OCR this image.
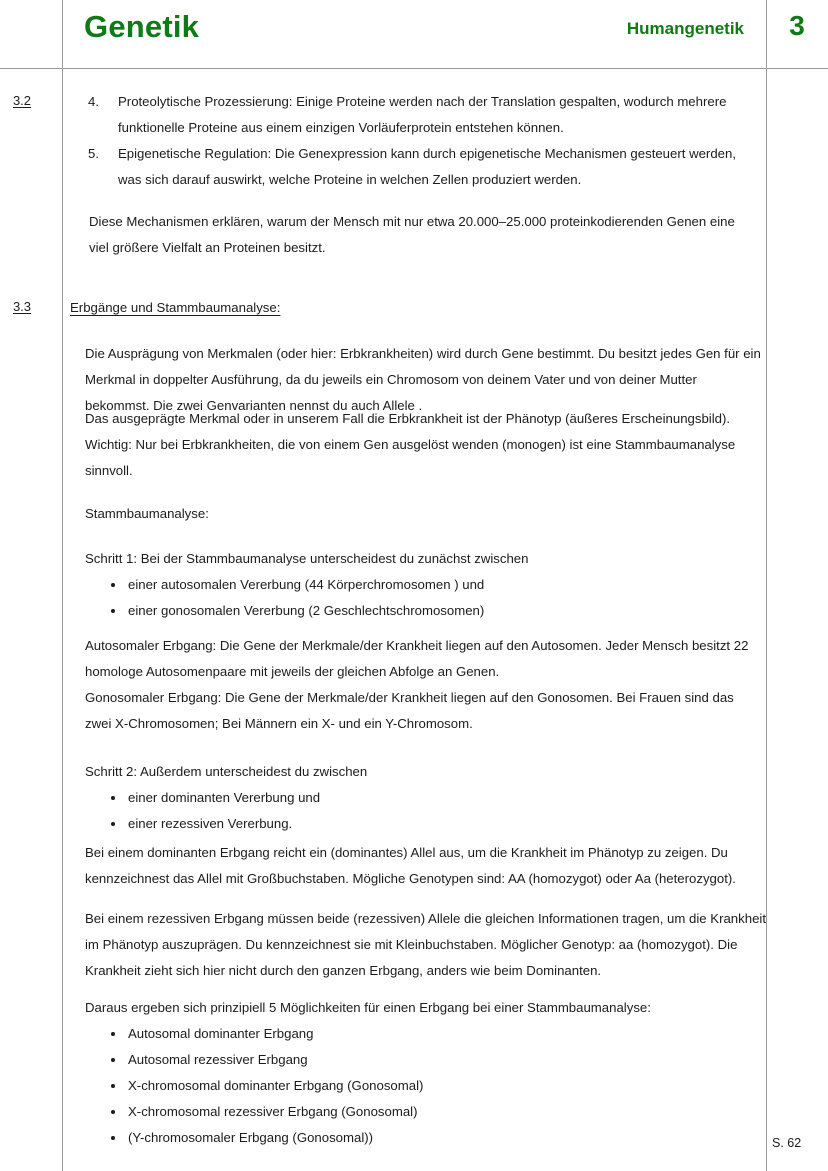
Genetik	Humangenetik	3
3.2	4.	Proteolytische Prozessierung: Einige Proteine werden nach der Translation gespalten, wodurch mehrere funktionelle Proteine aus einem einzigen Vorläuferprotein entstehen können.
5.	Epigenetische Regulation: Die Genexpression kann durch epigenetische Mechanismen gesteuert werden, was sich darauf auswirkt, welche Proteine in welchen Zellen produziert werden.

Diese Mechanismen erklären, warum der Mensch mit nur etwa 20.000–25.000 proteinkodierenden Genen eine viel größere Vielfalt an Proteinen besitzt.

3.3	Erbgänge und Stammbaumanalyse:

Die Ausprägung von Merkmalen (oder hier: Erbkrankheiten) wird durch Gene bestimmt. Du besitzt jedes Gen für ein Merkmal in doppelter Ausführung, da du jeweils ein Chromosom von deinem Vater und von deiner Mutter bekommst. Die zwei Genvarianten nennst du auch Allele .

Das ausgeprägte Merkmal oder in unserem Fall die Erbkrankheit ist der Phänotyp (äußeres Erscheinungsbild). Wichtig: Nur bei Erbkrankheiten, die von einem Gen ausgelöst wenden (monogen) ist eine Stammbaumanalyse sinnvoll.

Stammbaumanalyse:

Schritt 1: Bei der Stammbaumanalyse unterscheidest du zunächst zwischen

einer autosomalen Vererbung (44 Körperchromosomen ) und
einer gonosomalen Vererbung (2 Geschlechtschromosomen)

Autosomaler Erbgang: Die Gene der Merkmale/der Krankheit liegen auf den Autosomen. Jeder Mensch besitzt 22 homologe Autosomenpaare mit jeweils der gleichen Abfolge an Genen.

Gonosomaler Erbgang: Die Gene der Merkmale/der Krankheit liegen auf den Gonosomen. Bei Frauen sind das zwei X-Chromosomen; Bei Männern ein X- und ein Y-Chromosom.

Schritt 2: Außerdem unterscheidest du zwischen

einer dominanten Vererbung und
einer rezessiven Vererbung.

Bei einem dominanten Erbgang reicht ein (dominantes) Allel aus, um die Krankheit im Phänotyp zu zeigen. Du kennzeichnest das Allel mit Großbuchstaben. Mögliche Genotypen sind: AA (homozygot) oder Aa (heterozygot).

Bei einem rezessiven Erbgang müssen beide (rezessiven) Allele die gleichen Informationen tragen, um die Krankheit im Phänotyp auszuprägen. Du kennzeichnest sie mit Kleinbuchstaben. Möglicher Genotyp: aa (homozygot). Die Krankheit zieht sich hier nicht durch den ganzen Erbgang, anders wie beim Dominanten.

Daraus ergeben sich prinzipiell 5 Möglichkeiten für einen Erbgang bei einer Stammbaumanalyse:

Autosomal dominanter Erbgang
Autosomal rezessiver Erbgang
X-chromosomal dominanter Erbgang (Gonosomal)
X-chromosomal rezessiver Erbgang (Gonosomal)
(Y-chromosomaler Erbgang (Gonosomal))	S. 62
